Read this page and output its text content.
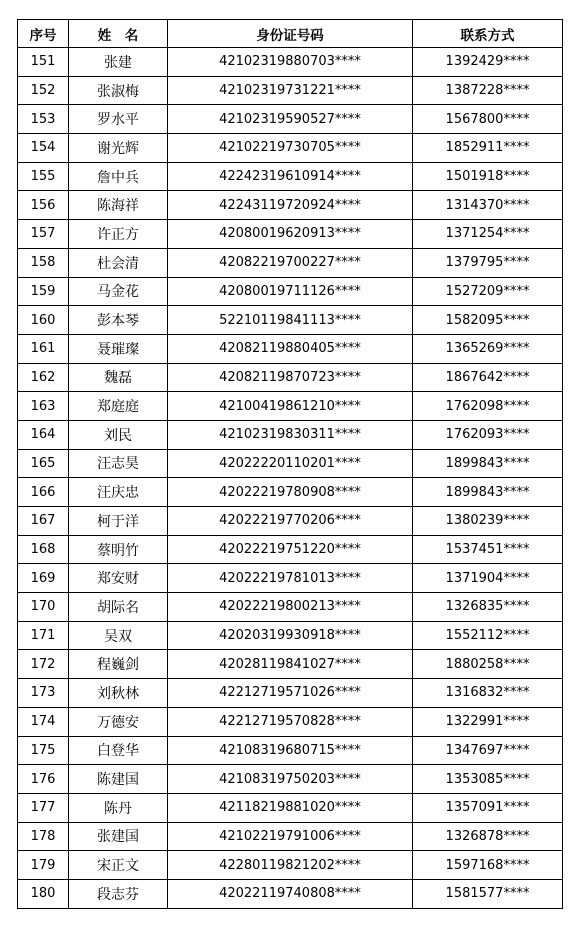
序号	姓　名	身份证号码	联系方式
151	张建	42102319880703****	1392429****
152	张淑梅	42102319731221****	1387228****
153	罗水平	42102319590527****	1567800****
154	谢光辉	42102219730705****	1852911****
155	詹中兵	42242319610914****	1501918****
156	陈海祥	42243119720924****	1314370****
157	许正方	42080019620913****	1371254****
158	杜会清	42082219700227****	1379795****
159	马金花	42080019711126****	1527209****
160	彭本琴	52210119841113****	1582095****
161	聂璀璨	42082119880405****	1365269****
162	魏磊	42082119870723****	1867642****
163	郑庭庭	42100419861210****	1762098****
164	刘民	42102319830311****	1762093****
165	汪志昊	42022220110201****	1899843****
166	汪庆忠	42022219780908****	1899843****
167	柯于洋	42022219770206****	1380239****
168	蔡明竹	42022219751220****	1537451****
169	郑安财	42022219781013****	1371904****
170	胡际名	42022219800213****	1326835****
171	吴双	42020319930918****	1552112****
172	程巍剑	42028119841027****	1880258****
173	刘秋林	42212719571026****	1316832****
174	万德安	42212719570828****	1322991****
175	白登华	42108319680715****	1347697****
176	陈建国	42108319750203****	1353085****
177	陈丹	42118219881020****	1357091****
178	张建国	42102219791006****	1326878****
179	宋正文	42280119821202****	1597168****
180	段志芬	42022119740808****	1581577****
